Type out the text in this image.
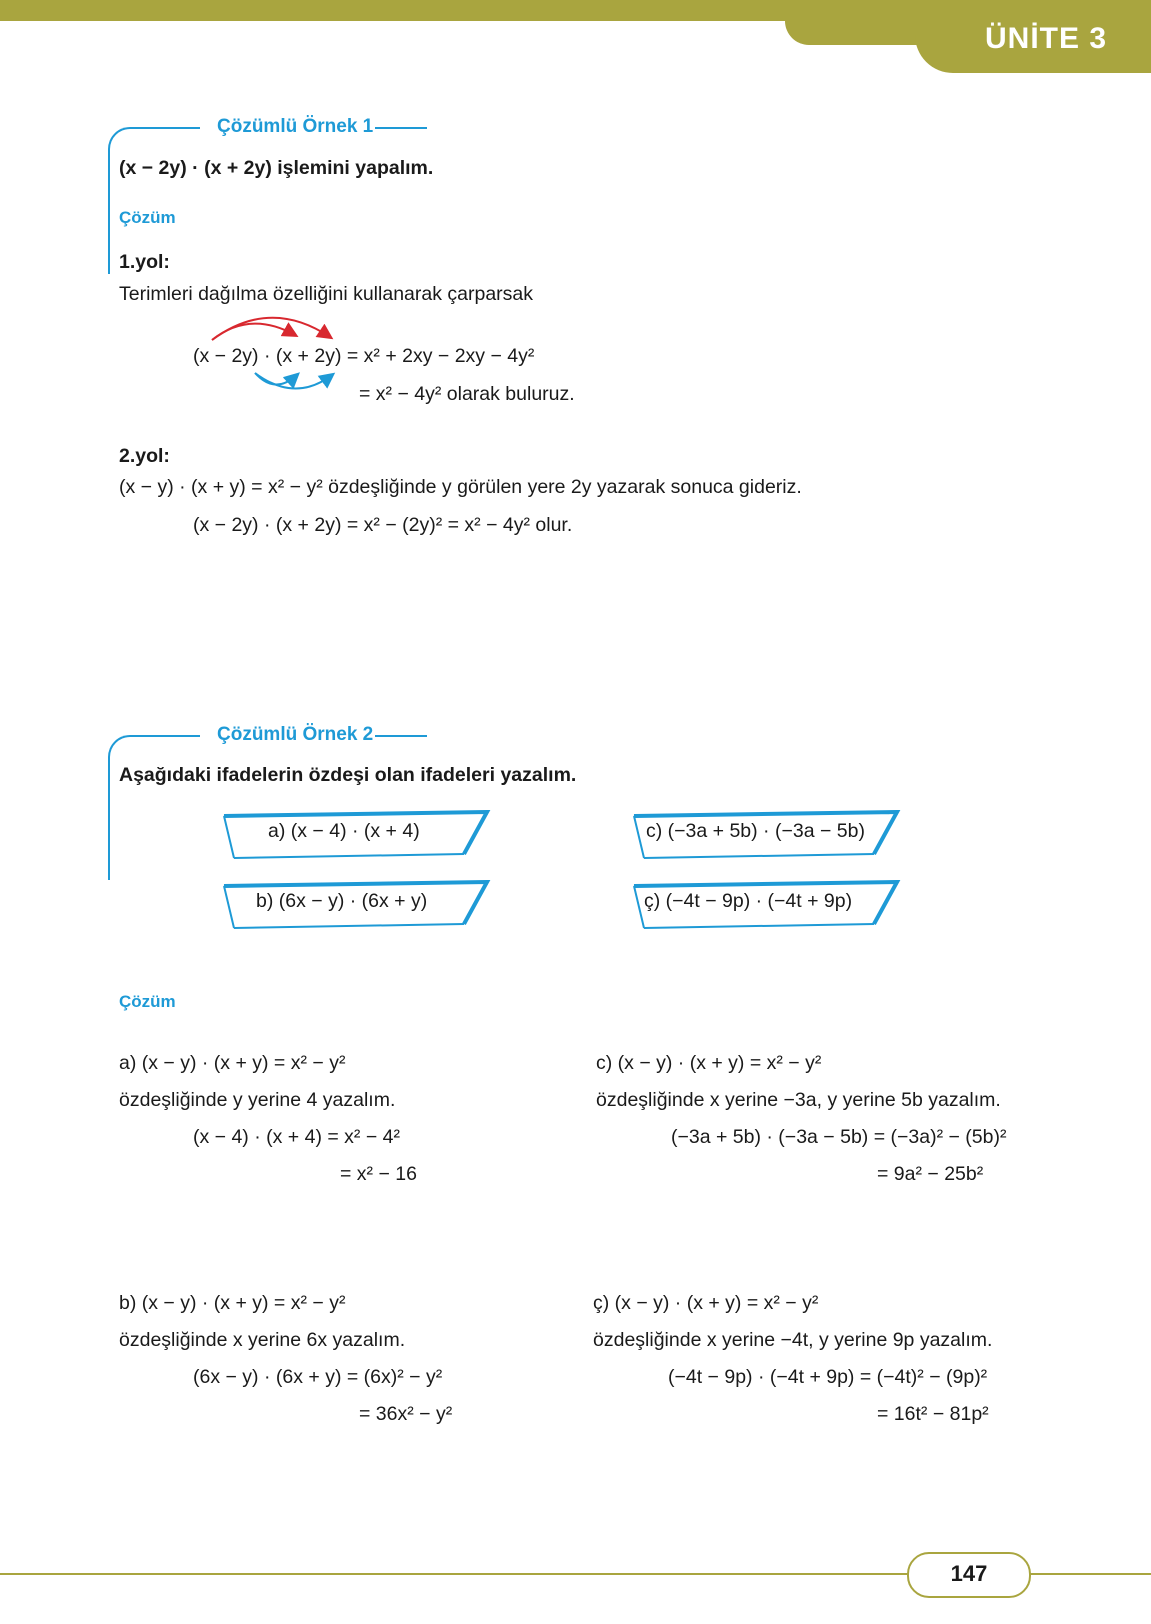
ÜNİTE 3
Çözümlü Örnek 1
(x − 2y) · (x + 2y) işlemini yapalım.
Çözüm
1.yol:
Terimleri dağılma özelliğini kullanarak çarparsak
(x − 2y) · (x + 2y) = x² + 2xy − 2xy − 4y²
= x² − 4y² olarak buluruz.
2.yol:
(x − y) · (x + y) = x² − y² özdeşliğinde y görülen yere 2y yazarak sonuca gideriz.
(x − 2y) · (x + 2y) = x² − (2y)² = x² − 4y² olur.
Çözümlü Örnek 2
Aşağıdaki ifadelerin özdeşi olan ifadeleri yazalım.
a) (x − 4) · (x + 4)	c) (−3a + 5b) · (−3a − 5b)
b) (6x − y) · (6x + y)	ç) (−4t − 9p) · (−4t + 9p)
Çözüm
a) (x − y) · (x + y) = x² − y²
özdeşliğinde y yerine 4 yazalım.
(x − 4) · (x + 4) = x² − 4²
= x² − 16
c) (x − y) · (x + y) = x² − y²
özdeşliğinde x yerine −3a, y yerine 5b yazalım.
(−3a + 5b) · (−3a − 5b) = (−3a)² − (5b)²
= 9a² − 25b²
b) (x − y) · (x + y) = x² − y²
özdeşliğinde x yerine 6x yazalım.
(6x − y) · (6x + y) = (6x)² − y²
= 36x² − y²
ç) (x − y) · (x + y) = x² − y²
özdeşliğinde x yerine −4t, y yerine 9p yazalım.
(−4t − 9p) · (−4t + 9p) = (−4t)² − (9p)²
= 16t² − 81p²
147
